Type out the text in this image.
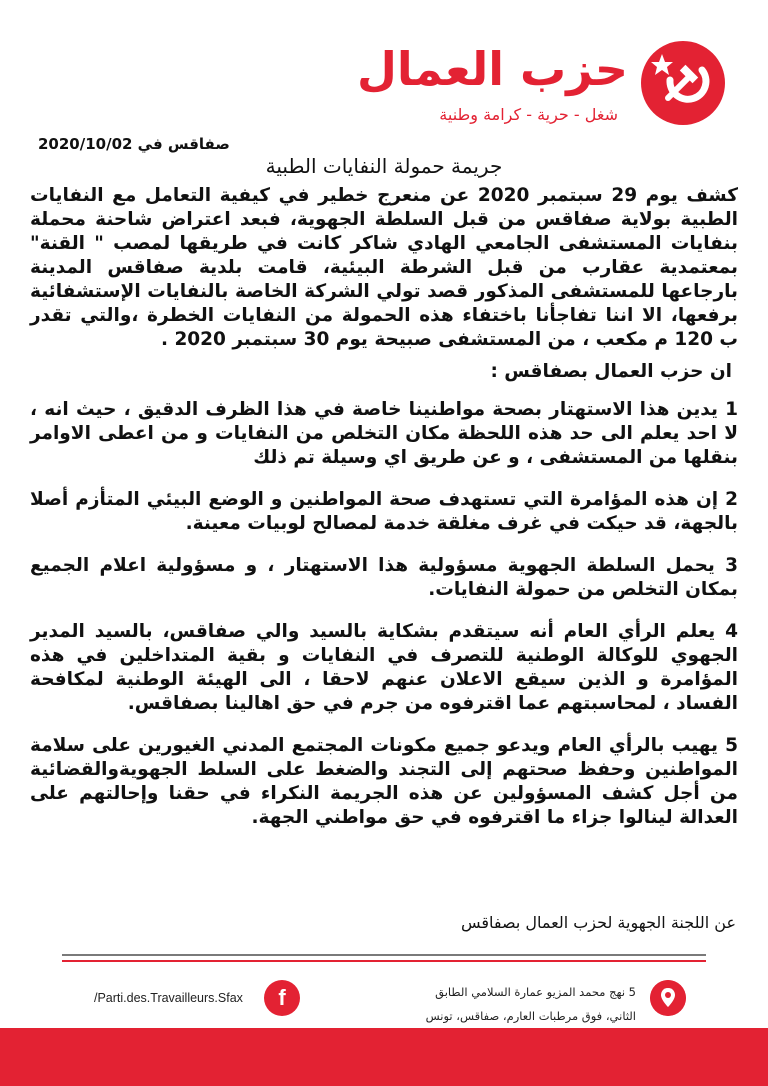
حزب العمال
شغل - حرية - كرامة وطنية
صفاقس في 2020/10/02
جريمة حمولة النفايات الطبية

كشف يوم 29 سبتمبر 2020 عن منعرج خطير في كيفية التعامل مع النفايات الطبية بولاية صفاقس من قبل السلطة الجهوية، فبعد اعتراض شاحنة محملة بنفايات المستشفى الجامعي الهادي شاكر كانت في طريقها لمصب " القنة" بمعتمدية عقارب من قبل الشرطة البيئية، قامت بلدية صفاقس المدينة بارجاعها للمستشفى المذكور قصد تولي الشركة الخاصة بالنفايات الإستشفائية برفعها، الا اننا تفاجأنا باختفاء هذه الحمولة من النفايات الخطرة ،والتي تقدر ب 120 م مكعب ، من المستشفى صبيحة يوم 30 سبتمبر 2020 .

ان حزب العمال بصفاقس :

1 يدين هذا الاستهتار بصحة مواطنينا خاصة في هذا الظرف الدقيق ، حيث انه ، لا احد يعلم الى حد هذه اللحظة مكان التخلص من النفايات و من اعطى الاوامر بنقلها من المستشفى ، و عن طريق اي وسيلة تم ذلك

2 إن هذه المؤامرة التي تستهدف صحة المواطنين و الوضع البيئي المتأزم أصلا بالجهة، قد حيكت في غرف مغلقة خدمة لمصالح لوبيات معينة.

3 يحمل السلطة الجهوية مسؤولية هذا الاستهتار ، و مسؤولية اعلام الجميع بمكان التخلص من حمولة النفايات.

4 يعلم الرأي العام أنه سيتقدم بشكاية بالسيد والي صفاقس، بالسيد المدير الجهوي للوكالة الوطنية للتصرف في النفايات و بقية المتداخلين في هذه المؤامرة و الذين سيقع الاعلان عنهم لاحقا ، الى الهيئة الوطنية لمكافحة الفساد ، لمحاسبتهم عما اقترفوه من جرم في حق اهالينا بصفاقس.

5 يهيب بالرأي العام ويدعو جميع مكونات المجتمع المدني الغيورين على سلامة المواطنين وحفظ صحتهم إلى التجند والضغط على السلط الجهويةوالقضائية من أجل كشف المسؤولين عن هذه الجريمة النكراء في حقنا وإحالتهم على العدالة لينالوا جزاء ما اقترفوه في حق مواطني الجهة.

عن اللجنة الجهوية لحزب العمال بصفاقس
5 نهج محمد المزيو عمارة السلامي الطابق
الثاني، فوق مرطبات العارم، صفاقس، تونس
f
/Parti.des.Travailleurs.Sfax
